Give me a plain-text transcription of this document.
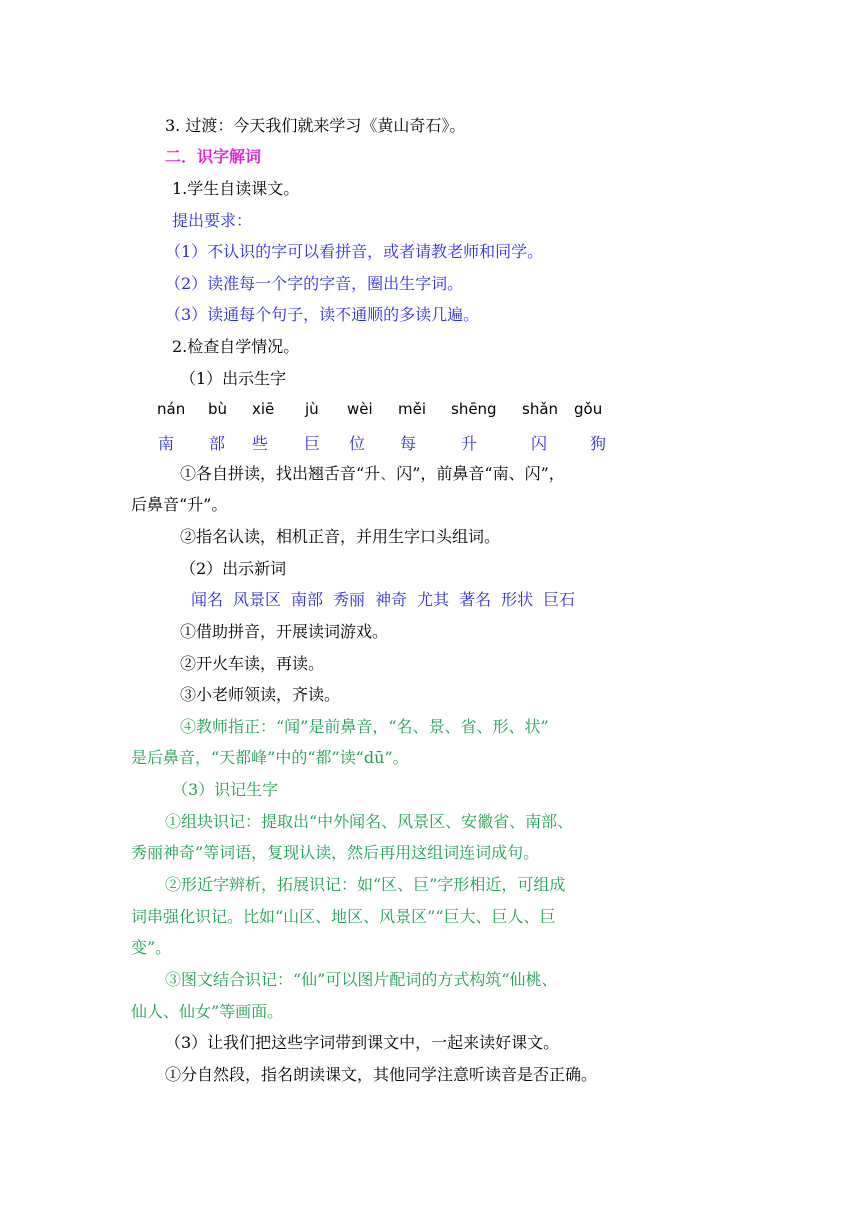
3. 过渡：今天我们就来学习《黄山奇石》。
二．识字解词
1.学生自读课文。
提出要求：
（1）不认识的字可以看拼音，或者请教老师和同学。
（2）读准每一个字的字音，圈出生字词。
（3）读通每个句子，读不通顺的多读几遍。
2.检查自学情况。
（1）出示生字
nán bù xiē jù wèi měi shēng shǎn gǒu
南 部 些 巨 位 每	升	闪	狗
①各自拼读，找出翘舌音“升、闪”，前鼻音“南、闪”，
后鼻音“升”。
②指名认读，相机正音，并用生字口头组词。
（2）出示新词
闻名 风景区 南部 秀丽 神奇 尤其 著名 形状 巨石
①借助拼音，开展读词游戏。
②开火车读，再读。
③小老师领读，齐读。
④教师指正：“闻”是前鼻音，“名、景、省、形、状”
是后鼻音，“天都峰”中的“都”读“dū”。
（3）识记生字
①组块识记：提取出“中外闻名、风景区、安徽省、南部、
秀丽神奇”等词语，复现认读，然后再用这组词连词成句。
②形近字辨析，拓展识记：如“区、巨”字形相近，可组成
词串强化识记。比如“山区、地区、风景区”“巨大、巨人、巨
变”。
③图文结合识记：“仙”可以图片配词的方式构筑“仙桃、
仙人、仙女”等画面。
（3）让我们把这些字词带到课文中，一起来读好课文。
①分自然段，指名朗读课文，其他同学注意听读音是否正确。
